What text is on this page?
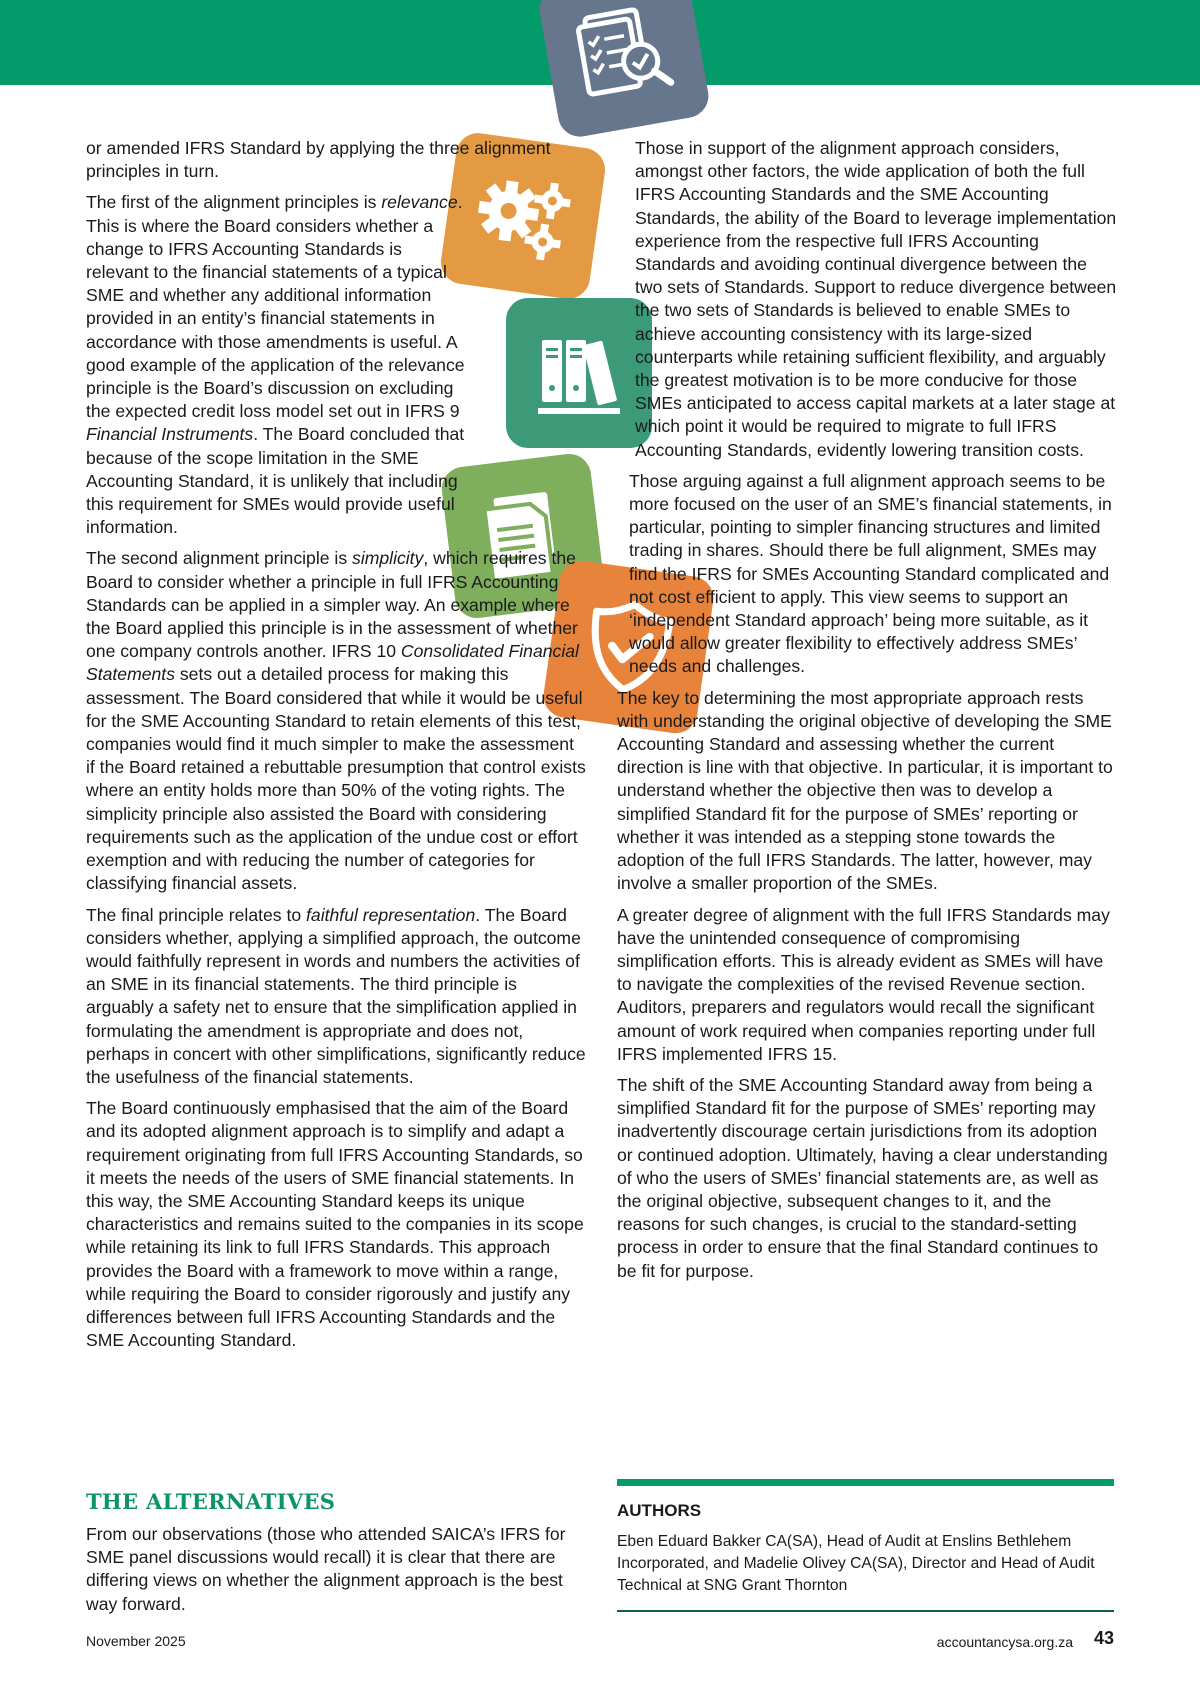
or amended IFRS Standard by applying the three alignment principles in turn.

The first of the alignment principles is relevance. This is where the Board considers whether a change to IFRS Accounting Standards is relevant to the financial statements of a typical SME and whether any additional information provided in an entity’s financial statements in accordance with those amendments is useful. A good example of the application of the relevance principle is the Board’s discussion on excluding the expected credit loss model set out in IFRS 9 Financial Instruments. The Board concluded that because of the scope limitation in the SME Accounting Standard, it is unlikely that including this requirement for SMEs would provide useful information.

The second alignment principle is simplicity, which requires the Board to consider whether a principle in full IFRS Accounting Standards can be applied in a simpler way. An example where the Board applied this principle is in the assessment of whether one company controls another. IFRS 10 Consolidated Financial Statements sets out a detailed process for making this assessment. The Board considered that while it would be useful for the SME Accounting Standard to retain elements of this test, companies would find it much simpler to make the assessment if the Board retained a rebuttable presumption that control exists where an entity holds more than 50% of the voting rights. The simplicity principle also assisted the Board with considering requirements such as the application of the undue cost or effort exemption and with reducing the number of categories for classifying financial assets.

The final principle relates to faithful representation. The Board considers whether, applying a simplified approach, the outcome would faithfully represent in words and numbers the activities of an SME in its financial statements. The third principle is arguably a safety net to ensure that the simplification applied in formulating the amendment is appropriate and does not, perhaps in concert with other simplifications, significantly reduce the usefulness of the financial statements.

The Board continuously emphasised that the aim of the Board and its adopted alignment approach is to simplify and adapt a requirement originating from full IFRS Accounting Standards, so it meets the needs of the users of SME financial statements. In this way, the SME Accounting Standard keeps its unique characteristics and remains suited to the companies in its scope while retaining its link to full IFRS Standards. This approach provides the Board with a framework to move within a range, while requiring the Board to consider rigorously and justify any differences between full IFRS Accounting Standards and the SME Accounting Standard.

THE ALTERNATIVES

From our observations (those who attended SAICA’s IFRS for SME panel discussions would recall) it is clear that there are differing views on whether the alignment approach is the best way forward.

Those in support of the alignment approach considers, amongst other factors, the wide application of both the full IFRS Accounting Standards and the SME Accounting Standards, the ability of the Board to leverage implementation experience from the respective full IFRS Accounting Standards and avoiding continual divergence between the two sets of Standards. Support to reduce divergence between the two sets of Standards is believed to enable SMEs to achieve accounting consistency with its large-sized counterparts while retaining sufficient flexibility, and arguably the greatest motivation is to be more conducive for those SMEs anticipated to access capital markets at a later stage at which point it would be required to migrate to full IFRS Accounting Standards, evidently lowering transition costs.

Those arguing against a full alignment approach seems to be more focused on the user of an SME’s financial statements, in particular, pointing to simpler financing structures and limited trading in shares. Should there be full alignment, SMEs may find the IFRS for SMEs Accounting Standard complicated and not cost efficient to apply. This view seems to support an ‘independent Standard approach’ being more suitable, as it would allow greater flexibility to effectively address SMEs’ needs and challenges.

The key to determining the most appropriate approach rests with understanding the original objective of developing the SME Accounting Standard and assessing whether the current direction is line with that objective. In particular, it is important to understand whether the objective then was to develop a simplified Standard fit for the purpose of SMEs’ reporting or whether it was intended as a stepping stone towards the adoption of the full IFRS Standards. The latter, however, may involve a smaller proportion of the SMEs.

A greater degree of alignment with the full IFRS Standards may have the unintended consequence of compromising simplification efforts. This is already evident as SMEs will have to navigate the complexities of the revised Revenue section. Auditors, preparers and regulators would recall the significant amount of work required when companies reporting under full IFRS implemented IFRS 15.

The shift of the SME Accounting Standard away from being a simplified Standard fit for the purpose of SMEs’ reporting may inadvertently discourage certain jurisdictions from its adoption or continued adoption. Ultimately, having a clear understanding of who the users of SMEs’ financial statements are, as well as the original objective, subsequent changes to it, and the reasons for such changes, is crucial to the standard-setting process in order to ensure that the final Standard continues to be fit for purpose.

AUTHORS

Eben Eduard Bakker CA(SA), Head of Audit at Enslins Bethlehem Incorporated, and Madelie Olivey CA(SA), Director and Head of Audit Technical at SNG Grant Thornton

November 2025	accountancysa.org.za 43
